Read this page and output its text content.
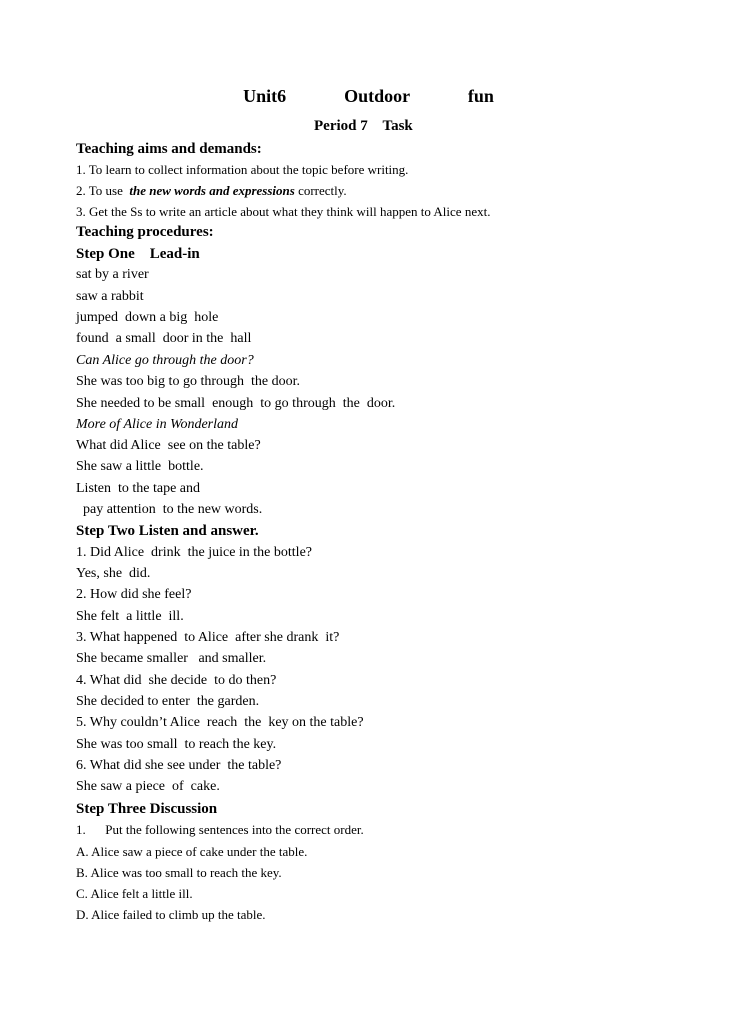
Unit6    Outdoor    fun
Period 7    Task
Teaching aims and demands:
1. To learn to collect information about the topic before writing.
2. To use  the new words and expressions correctly.
3. Get the Ss to write an article about what they think will happen to Alice next.
Teaching procedures:
Step One    Lead-in
sat by a river
saw a rabbit
jumped  down a big  hole
found  a small  door in the  hall
Can Alice go through the door?
She was too big to go through  the door.
She needed to be small  enough  to go through  the  door.
More of Alice in Wonderland
What did Alice  see on the table?
She saw a little  bottle.
Listen  to the tape and
pay attention  to the new words.
Step Two Listen and answer.
1. Did Alice  drink  the juice in the bottle?
Yes, she  did.
2. How did she feel?
She felt  a little  ill.
3. What happened  to Alice  after she drank  it?
She became smaller   and smaller.
4. What did  she decide  to do then?
She decided to enter  the garden.
5. Why couldn’t Alice  reach  the  key on the table?
She was too small  to reach the key.
6. What did she see under  the table?
She saw a piece  of  cake.
Step Three Discussion
1.      Put the following sentences into the correct order.
A. Alice saw a piece of cake under the table.
B. Alice was too small to reach the key.
C. Alice felt a little ill.
D. Alice failed to climb up the table.
